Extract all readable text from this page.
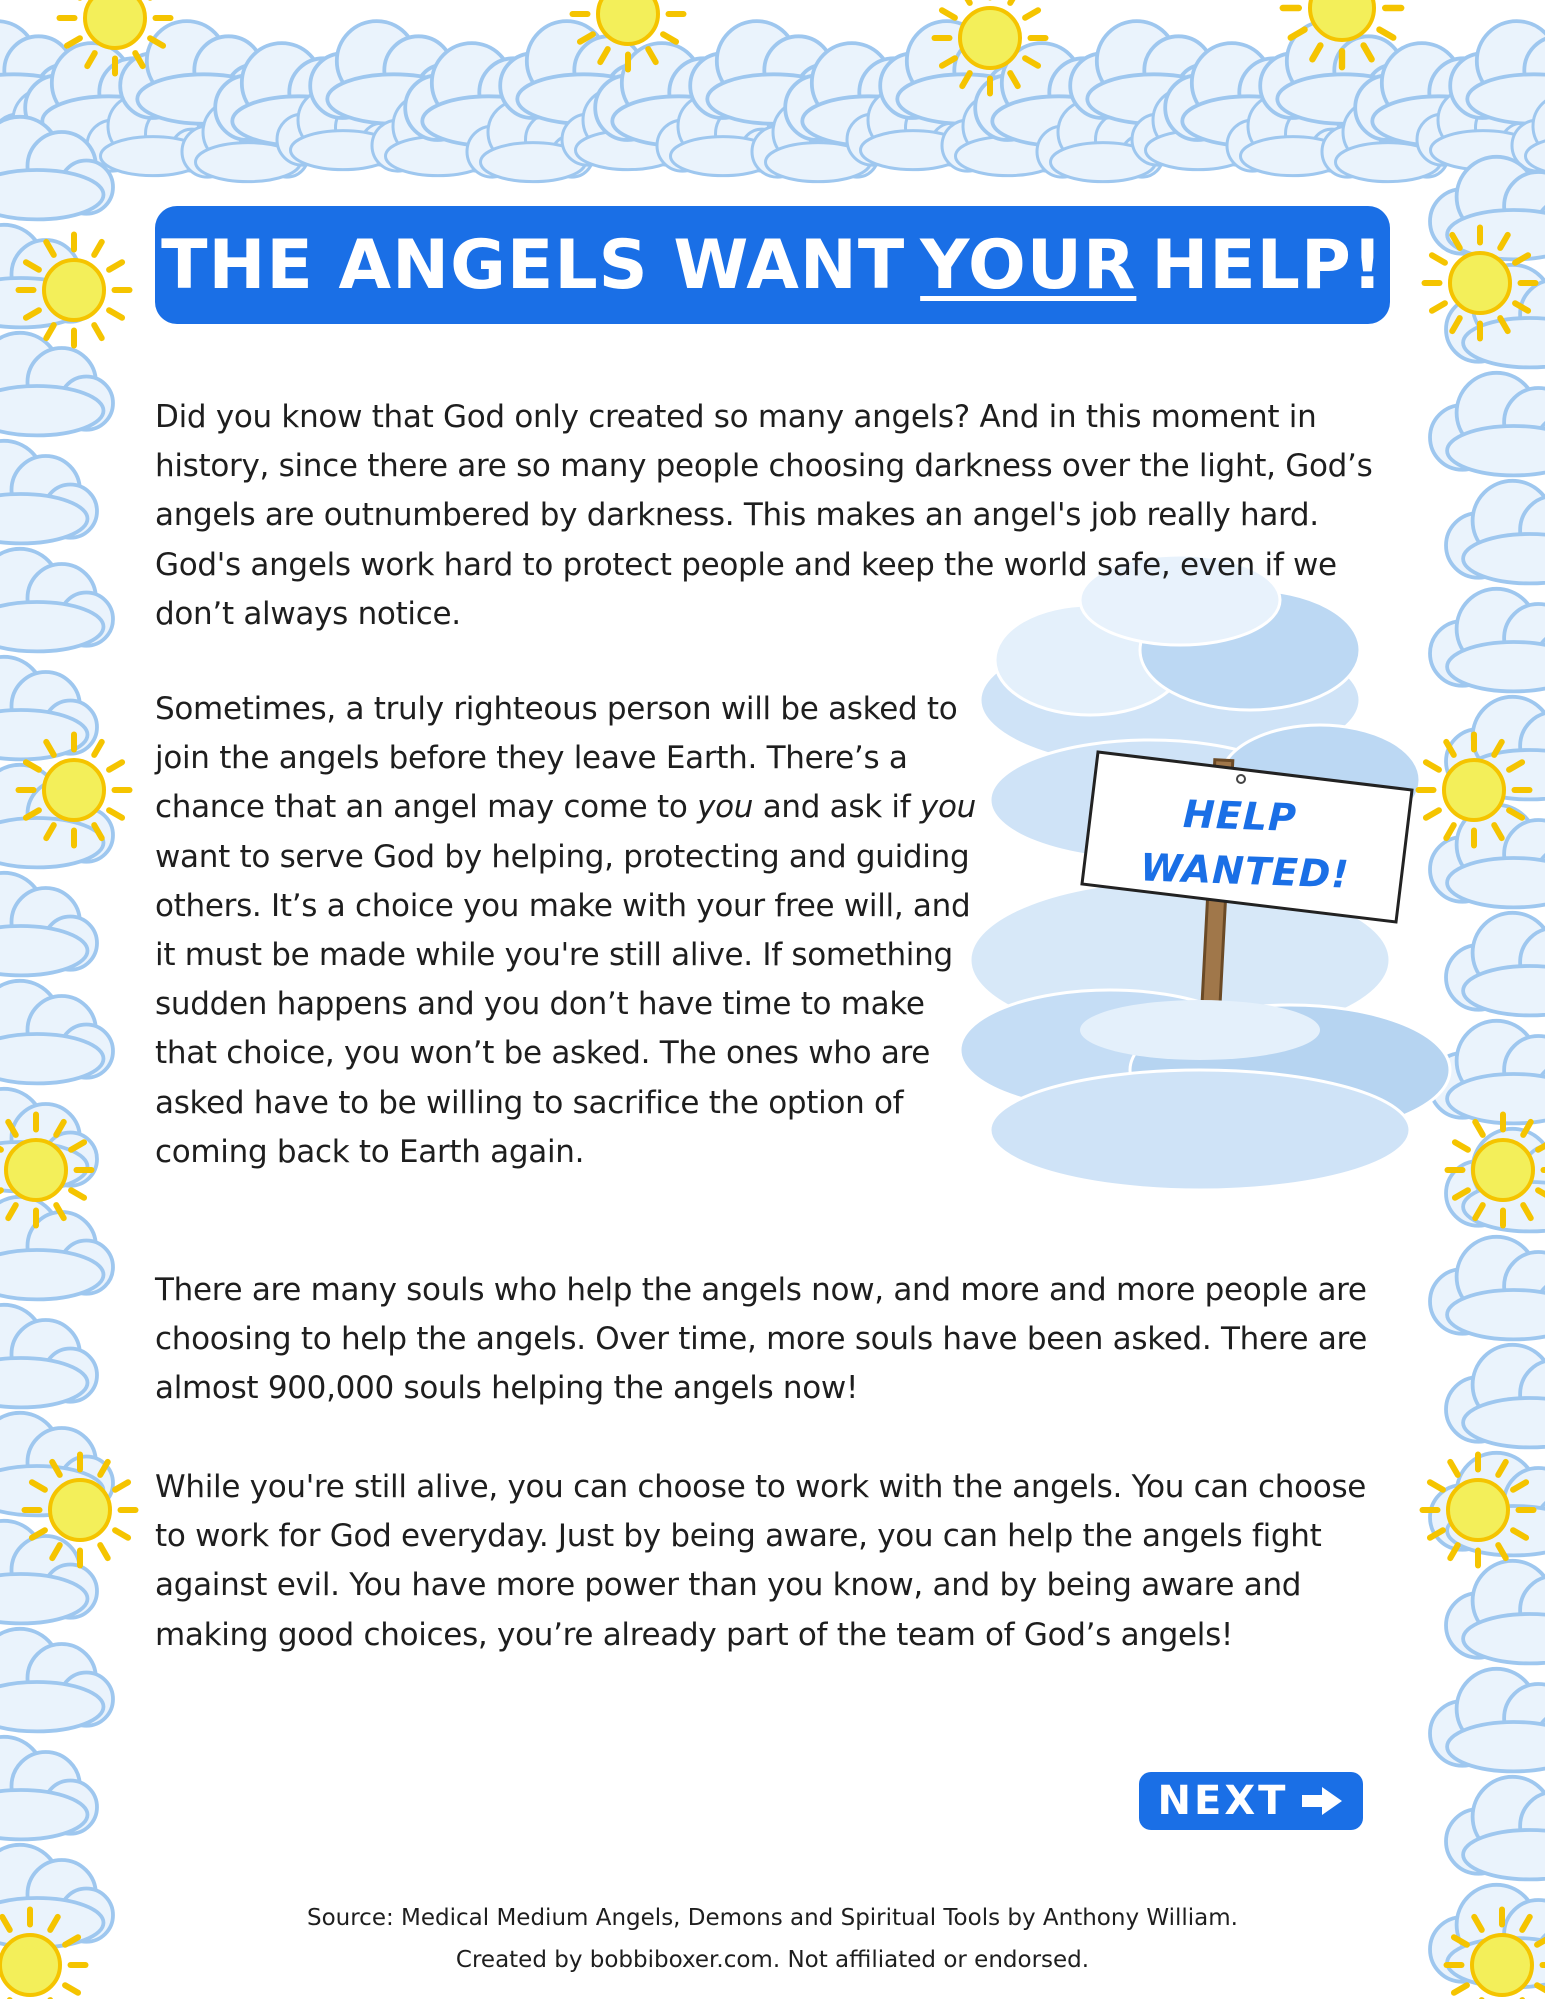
THE ANGELS WANT YOUR HELP!

Did you know that God only created so many angels? And in this moment in history, since there are so many people choosing darkness over the light, God’s angels are outnumbered by darkness. This makes an angel's job really hard. God's angels work hard to protect people and keep the world safe, even if we don’t always notice.

Sometimes, a truly righteous person will be asked to join the angels before they leave Earth. There’s a chance that an angel may come to you and ask if you want to serve God by helping, protecting and guiding others. It’s a choice you make with your free will, and it must be made while you're still alive. If something sudden happens and you don’t have time to make that choice, you won’t be asked. The ones who are asked have to be willing to sacrifice the option of coming back to Earth again.

HELP
WANTED!

There are many souls who help the angels now, and more and more people are choosing to help the angels. Over time, more souls have been asked. There are almost 900,000 souls helping the angels now!

While you're still alive, you can choose to work with the angels. You can choose to work for God everyday. Just by being aware, you can help the angels fight against evil. You have more power than you know, and by being aware and making good choices, you’re already part of the team of God’s angels!

NEXT
Source: Medical Medium Angels, Demons and Spiritual Tools by Anthony William.
Created by bobbiboxer.com. Not affiliated or endorsed.
